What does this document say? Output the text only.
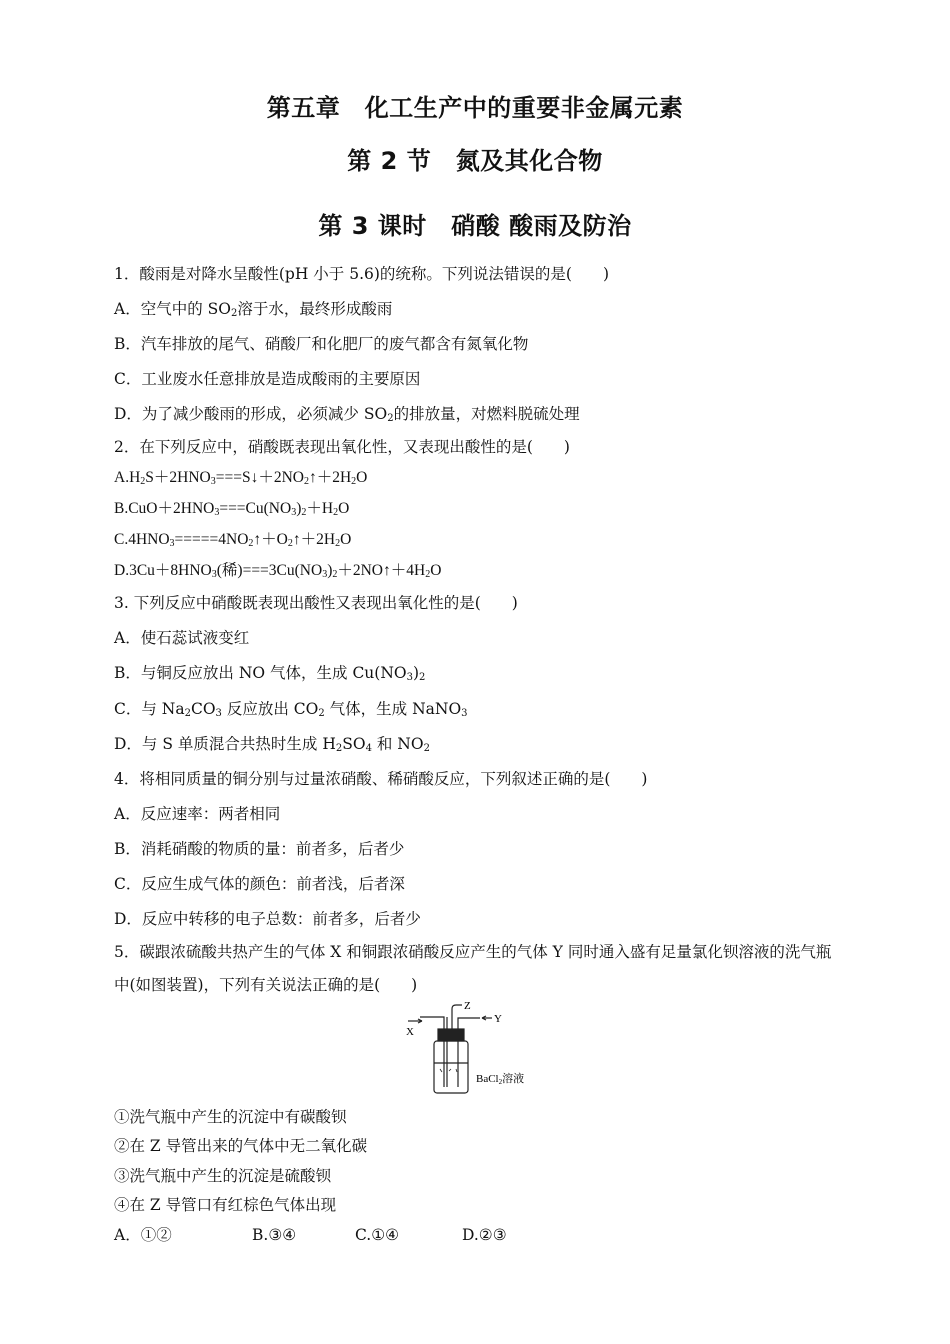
第五章　化工生产中的重要非金属元素
第 2 节　氮及其化合物
第 3 课时　硝酸 酸雨及防治
1．酸雨是对降水呈酸性(pH 小于 5.6)的统称。下列说法错误的是(　　)
A．空气中的 $SO_2$溶于水，最终形成酸雨
B．汽车排放的尾气、硝酸厂和化肥厂的废气都含有氮氧化物
C．工业废水任意排放是造成酸雨的主要原因
D．为了减少酸雨的形成，必须减少 $SO_2$的排放量，对燃料脱硫处理
2．在下列反应中，硝酸既表现出氧化性，又表现出酸性的是(　　)
$A.H_2S+2HNO_3===S↓+2NO_2↑+2H_2O$
$B.CuO+2HNO_3===Cu(NO_3)_2+H_2O$
$C.4HNO_3=====4NO_2↑+O_2↑+2H_2O$
$D.3Cu+8HNO_3$(稀)$===3Cu(NO_3)_2+2NO↑+4H_2O$
3. 下列反应中硝酸既表现出酸性又表现出氧化性的是(　　)
A．使石蕊试液变红
B．与铜反应放出 NO 气体，生成 $Cu(NO_3)_2$
C．与 $Na_2CO_3$ 反应放出 $CO_2$ 气体，生成 NaNO$_3$
D．与 S 单质混合共热时生成 $H_2SO_4$ 和 $NO_2$
4．将相同质量的铜分别与过量浓硝酸、稀硝酸反应，下列叙述正确的是(　　)
A．反应速率：两者相同
B．消耗硝酸的物质的量：前者多，后者少
C．反应生成气体的颜色：前者浅，后者深
D．反应中转移的电子总数：前者多，后者少
5．碳跟浓硫酸共热产生的气体 X 和铜跟浓硝酸反应产生的气体 Y 同时通入盛有足量氯化钡溶液的洗气瓶中(如图装置)，下列有关说法正确的是(　　)
X
Z
Y
BaCl2溶液
①洗气瓶中产生的沉淀中有碳酸钡
②在 Z 导管出来的气体中无二氧化碳
③洗气瓶中产生的沉淀是硫酸钡
④在 Z 导管口有红棕色气体出现
A．①②	B.③④	C.①④	D.②③
